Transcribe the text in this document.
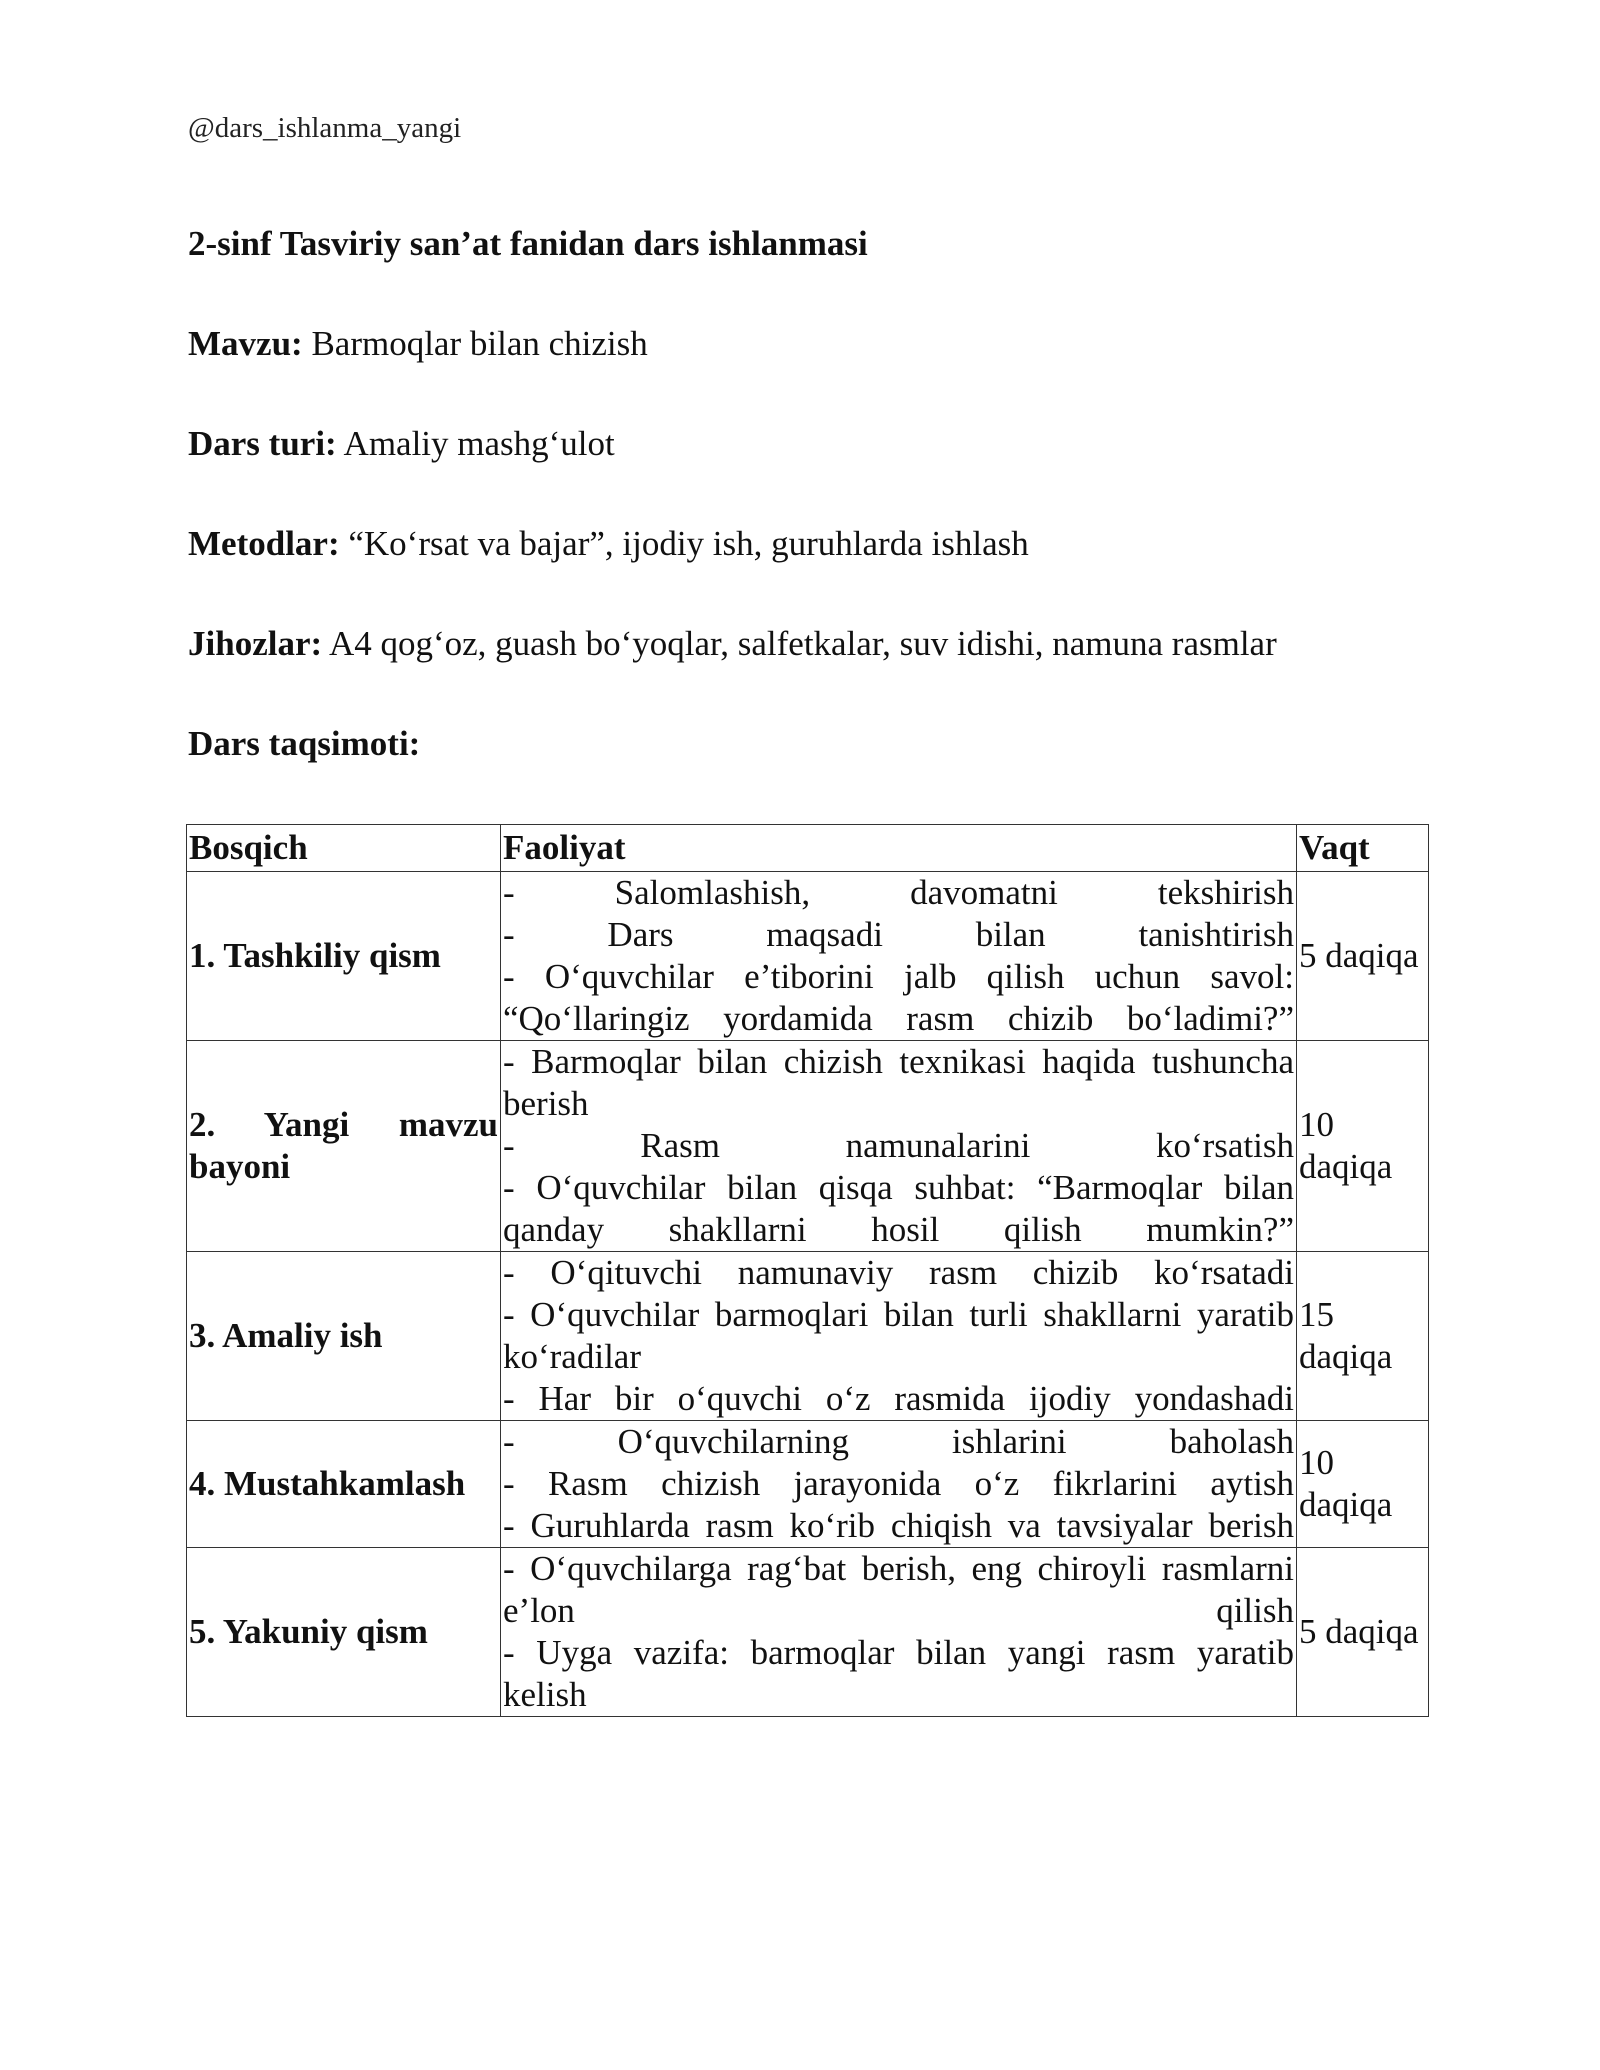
@dars_ishlanma_yangi
2-sinf Tasviriy san’at fanidan dars ishlanmasi
Mavzu: Barmoqlar bilan chizish
Dars turi: Amaliy mashg‘ulot
Metodlar: “Ko‘rsat va bajar”, ijodiy ish, guruhlarda ishlash
Jihozlar: A4 qog‘oz, guash bo‘yoqlar, salfetkalar, suv idishi, namuna rasmlar
Dars taqsimoti:
Bosqich	Faoliyat	Vaqt
1. Tashkiliy qism	- Salomlashish, davomatni tekshirish
- Dars maqsadi bilan tanishtirish
- O‘quvchilar e’tiborini jalb qilish uchun savol: “Qo‘llaringiz yordamida rasm chizib bo‘ladimi?”	5 daqiqa
2. Yangi mavzu bayoni	- Barmoqlar bilan chizish texnikasi haqida tushuncha berish
- Rasm namunalarini ko‘rsatish
- O‘quvchilar bilan qisqa suhbat: “Barmoqlar bilan qanday shakllarni hosil qilish mumkin?”	10 daqiqa
3. Amaliy ish	- O‘qituvchi namunaviy rasm chizib ko‘rsatadi
- O‘quvchilar barmoqlari bilan turli shakllarni yaratib ko‘radilar
- Har bir o‘quvchi o‘z rasmida ijodiy yondashadi	15 daqiqa
4. Mustahkamlash	- O‘quvchilarning ishlarini baholash
- Rasm chizish jarayonida o‘z fikrlarini aytish
- Guruhlarda rasm ko‘rib chiqish va tavsiyalar berish	10 daqiqa
5. Yakuniy qism	- O‘quvchilarga rag‘bat berish, eng chiroyli rasmlarni e’lon qilish
- Uyga vazifa: barmoqlar bilan yangi rasm yaratib kelish	5 daqiqa
